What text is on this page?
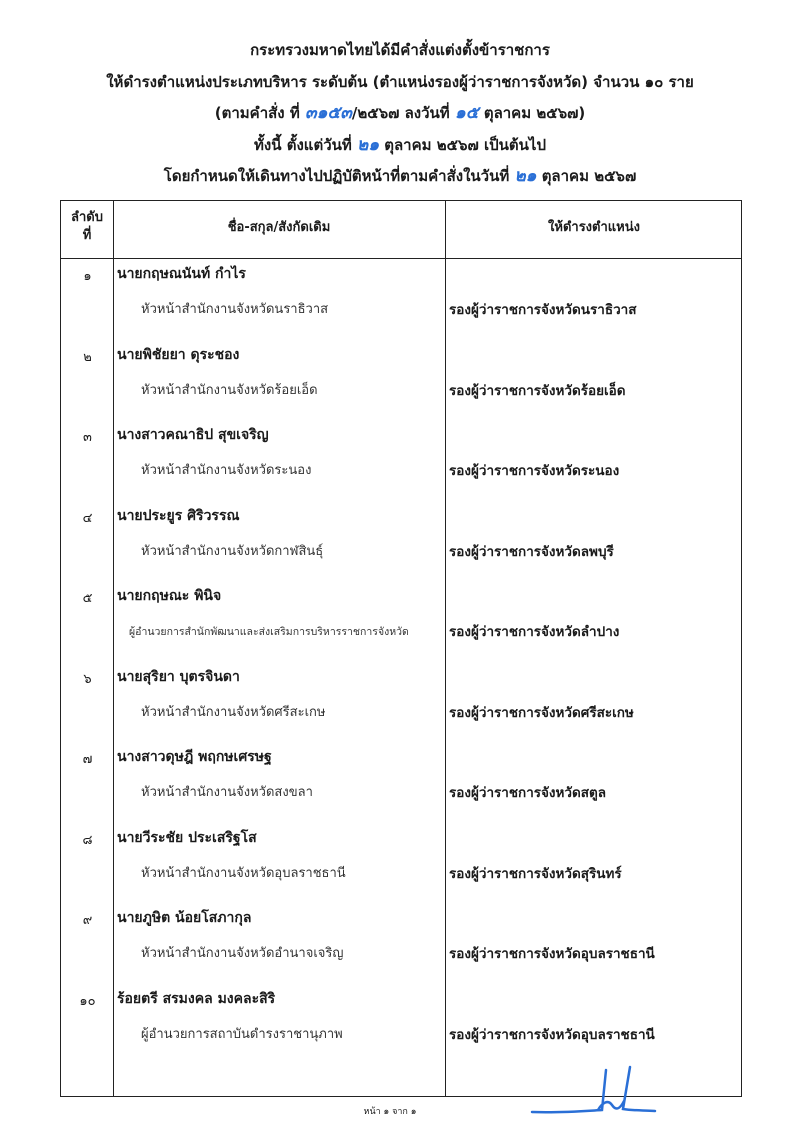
กระทรวงมหาดไทยได้มีคำสั่งแต่งตั้งข้าราชการ
ให้ดำรงตำแหน่งประเภทบริหาร ระดับต้น (ตำแหน่งรองผู้ว่าราชการจังหวัด) จำนวน ๑๐ ราย
(ตามคำสั่ง ที่ ๓๑๕๓/๒๕๖๗ ลงวันที่ ๑๕ ตุลาคม ๒๕๖๗)
ทั้งนี้ ตั้งแต่วันที่ ๒๑ ตุลาคม ๒๕๖๗ เป็นต้นไป
โดยกำหนดให้เดินทางไปปฏิบัติหน้าที่ตามคำสั่งในวันที่ ๒๑ ตุลาคม ๒๕๖๗
ลำดับ
ที่
ชื่อ-สกุล/สังกัดเดิม	ให้ดำรงตำแหน่ง
๑	นายกฤษณนันท์ กำไร
หัวหน้าสำนักงานจังหวัดนราธิวาส	รองผู้ว่าราชการจังหวัดนราธิวาส
๒	นายพิชัยยา ดุระชอง
หัวหน้าสำนักงานจังหวัดร้อยเอ็ด	รองผู้ว่าราชการจังหวัดร้อยเอ็ด
๓	นางสาวคณาธิป สุขเจริญ
หัวหน้าสำนักงานจังหวัดระนอง	รองผู้ว่าราชการจังหวัดระนอง
๔	นายประยูร ศิริวรรณ
หัวหน้าสำนักงานจังหวัดกาฬสินธุ์	รองผู้ว่าราชการจังหวัดลพบุรี
๕	นายกฤษณะ พินิจ
ผู้อำนวยการสำนักพัฒนาและส่งเสริมการบริหารราชการจังหวัด	รองผู้ว่าราชการจังหวัดลำปาง
๖	นายสุริยา บุตรจินดา
หัวหน้าสำนักงานจังหวัดศรีสะเกษ	รองผู้ว่าราชการจังหวัดศรีสะเกษ
๗	นางสาวดุษฎี พฤกษเศรษฐ
หัวหน้าสำนักงานจังหวัดสงขลา	รองผู้ว่าราชการจังหวัดสตูล
๘	นายวีระชัย ประเสริฐโส
หัวหน้าสำนักงานจังหวัดอุบลราชธานี	รองผู้ว่าราชการจังหวัดสุรินทร์
๙	นายภูษิต น้อยโสภากุล
หัวหน้าสำนักงานจังหวัดอำนาจเจริญ	รองผู้ว่าราชการจังหวัดอุบลราชธานี
๑๐	ร้อยตรี สรมงคล มงคละสิริ
ผู้อำนวยการสถาบันดำรงราชานุภาพ	รองผู้ว่าราชการจังหวัดอุบลราชธานี
หน้า ๑ จาก ๑
